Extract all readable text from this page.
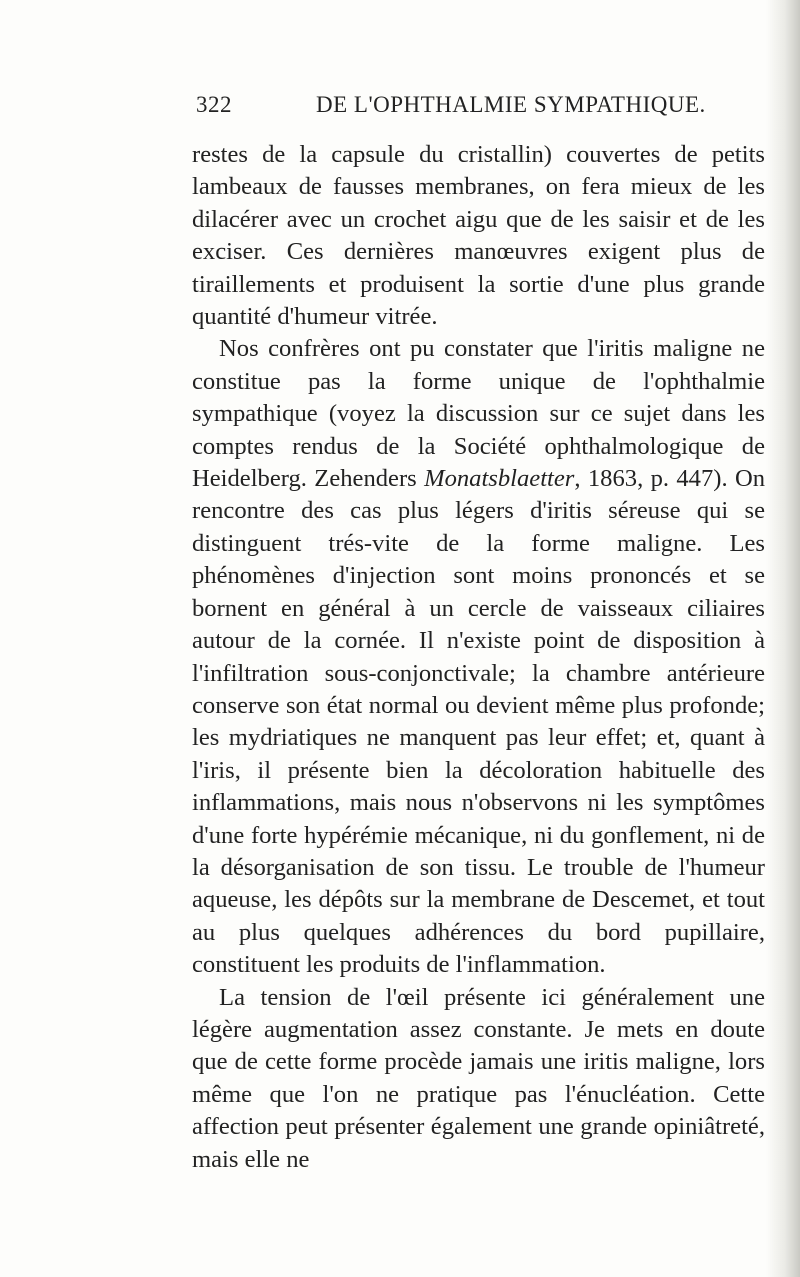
322	DE L'OPHTHALMIE SYMPATHIQUE.

restes de la capsule du cristallin) couvertes de petits lambeaux de fausses membranes, on fera mieux de les dilacérer avec un crochet aigu que de les saisir et de les exciser. Ces dernières manœuvres exigent plus de tiraillements et produisent la sortie d'une plus grande quantité d'humeur vitrée.

Nos confrères ont pu constater que l'iritis maligne ne constitue pas la forme unique de l'ophthalmie sympathique (voyez la discussion sur ce sujet dans les comptes rendus de la Société ophthalmologique de Heidelberg. Zehenders Monatsblaetter, 1863, p. 447). On rencontre des cas plus légers d'iritis séreuse qui se distinguent trés-vite de la forme maligne. Les phénomènes d'injection sont moins prononcés et se bornent en général à un cercle de vaisseaux ciliaires autour de la cornée. Il n'existe point de disposition à l'infiltration sous-conjonctivale; la chambre antérieure conserve son état normal ou devient même plus profonde; les mydriatiques ne manquent pas leur effet; et, quant à l'iris, il présente bien la décoloration habituelle des inflammations, mais nous n'observons ni les symptômes d'une forte hypérémie mécanique, ni du gonflement, ni de la désorganisation de son tissu. Le trouble de l'humeur aqueuse, les dépôts sur la membrane de Descemet, et tout au plus quelques adhérences du bord pupillaire, constituent les produits de l'inflammation.

La tension de l'œil présente ici généralement une légère augmentation assez constante. Je mets en doute que de cette forme procède jamais une iritis maligne, lors même que l'on ne pratique pas l'énucléation. Cette affection peut présenter également une grande opiniâtreté, mais elle ne
